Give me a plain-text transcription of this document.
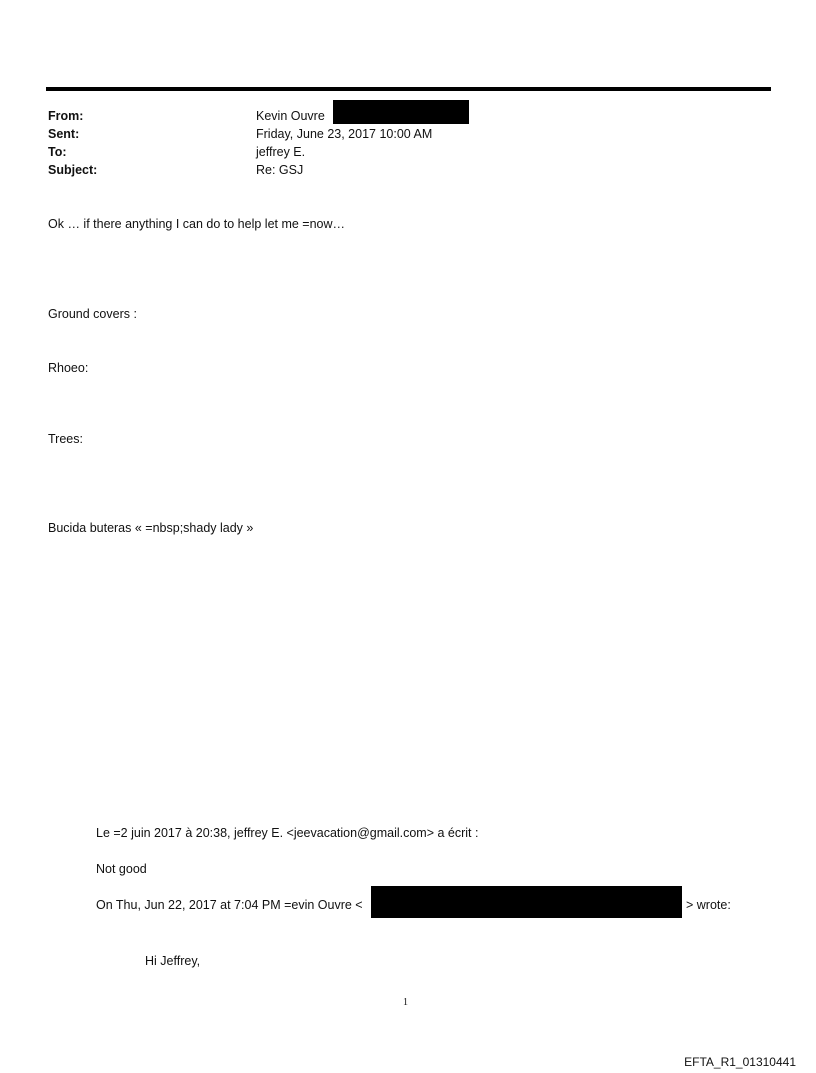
From:	Kevin Ouvre
Sent:	Friday, June 23, 2017 10:00 AM
To:	jeffrey E.
Subject:	Re: GSJ
Ok … if there anything I can do to help let me =now…
Ground covers :
Rhoeo:
Trees:
Bucida buteras « =nbsp;shady lady »
Le =2 juin 2017 à 20:38, jeffrey E. <jeevacation@gmail.com> a écrit :
Not good
On Thu, Jun 22, 2017 at 7:04 PM =evin Ouvre <	> wrote:
Hi Jeffrey,
1
EFTA_R1_01310441
